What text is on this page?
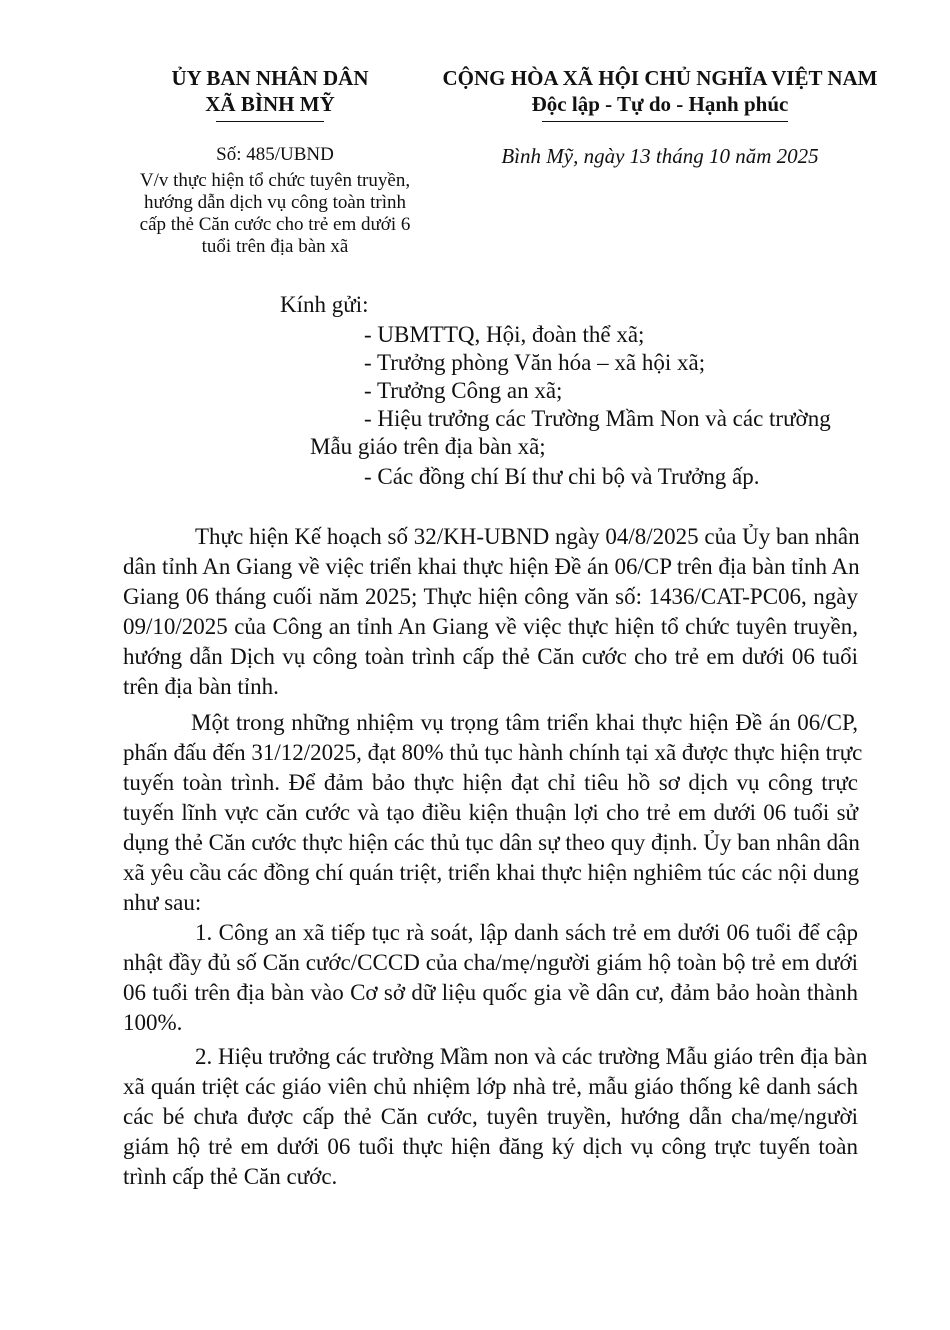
ỦY BAN NHÂN DÂN
XÃ BÌNH MỸ
CỘNG HÒA XÃ HỘI CHỦ NGHĨA VIỆT NAM
Độc lập - Tự do - Hạnh phúc
Số: 485/UBND
V/v thực hiện tổ chức tuyên truyền,
hướng dẫn dịch vụ công toàn trình
cấp thẻ Căn cước cho trẻ em dưới 6
tuổi trên địa bàn xã
Bình Mỹ, ngày 13 tháng 10 năm 2025
Kính gửi:
- UBMTTQ, Hội, đoàn thể xã;
- Trưởng phòng Văn hóa – xã hội xã;
- Trưởng Công an xã;
- Hiệu trưởng các Trường Mầm Non và các trường
Mẫu giáo trên địa bàn xã;
- Các đồng chí Bí thư chi bộ và Trưởng ấp.
Thực hiện Kế hoạch số 32/KH-UBND ngày 04/8/2025 của Ủy ban nhân
dân tỉnh An Giang về việc triển khai thực hiện Đề án 06/CP trên địa bàn tỉnh An
Giang 06 tháng cuối năm 2025; Thực hiện công văn số: 1436/CAT-PC06, ngày
09/10/2025 của Công an tỉnh An Giang về việc thực hiện tổ chức tuyên truyền,
hướng dẫn Dịch vụ công toàn trình cấp thẻ Căn cước cho trẻ em dưới 06 tuổi
trên địa bàn tỉnh.
Một trong những nhiệm vụ trọng tâm triển khai thực hiện Đề án 06/CP,
phấn đấu đến 31/12/2025, đạt 80% thủ tục hành chính tại xã được thực hiện trực
tuyến toàn trình. Để đảm bảo thực hiện đạt chỉ tiêu hồ sơ dịch vụ công trực
tuyến lĩnh vực căn cước và tạo điều kiện thuận lợi cho trẻ em dưới 06 tuổi sử
dụng thẻ Căn cước thực hiện các thủ tục dân sự theo quy định. Ủy ban nhân dân
xã yêu cầu các đồng chí quán triệt, triển khai thực hiện nghiêm túc các nội dung
như sau:
1. Công an xã tiếp tục rà soát, lập danh sách trẻ em dưới 06 tuổi để cập
nhật đầy đủ số Căn cước/CCCD của cha/mẹ/người giám hộ toàn bộ trẻ em dưới
06 tuổi trên địa bàn vào Cơ sở dữ liệu quốc gia về dân cư, đảm bảo hoàn thành
100%.
2. Hiệu trưởng các trường Mầm non và các trường Mẫu giáo trên địa bàn
xã quán triệt các giáo viên chủ nhiệm lớp nhà trẻ, mẫu giáo thống kê danh sách
các bé chưa được cấp thẻ Căn cước, tuyên truyền, hướng dẫn cha/mẹ/người
giám hộ trẻ em dưới 06 tuổi thực hiện đăng ký dịch vụ công trực tuyến toàn
trình cấp thẻ Căn cước.
